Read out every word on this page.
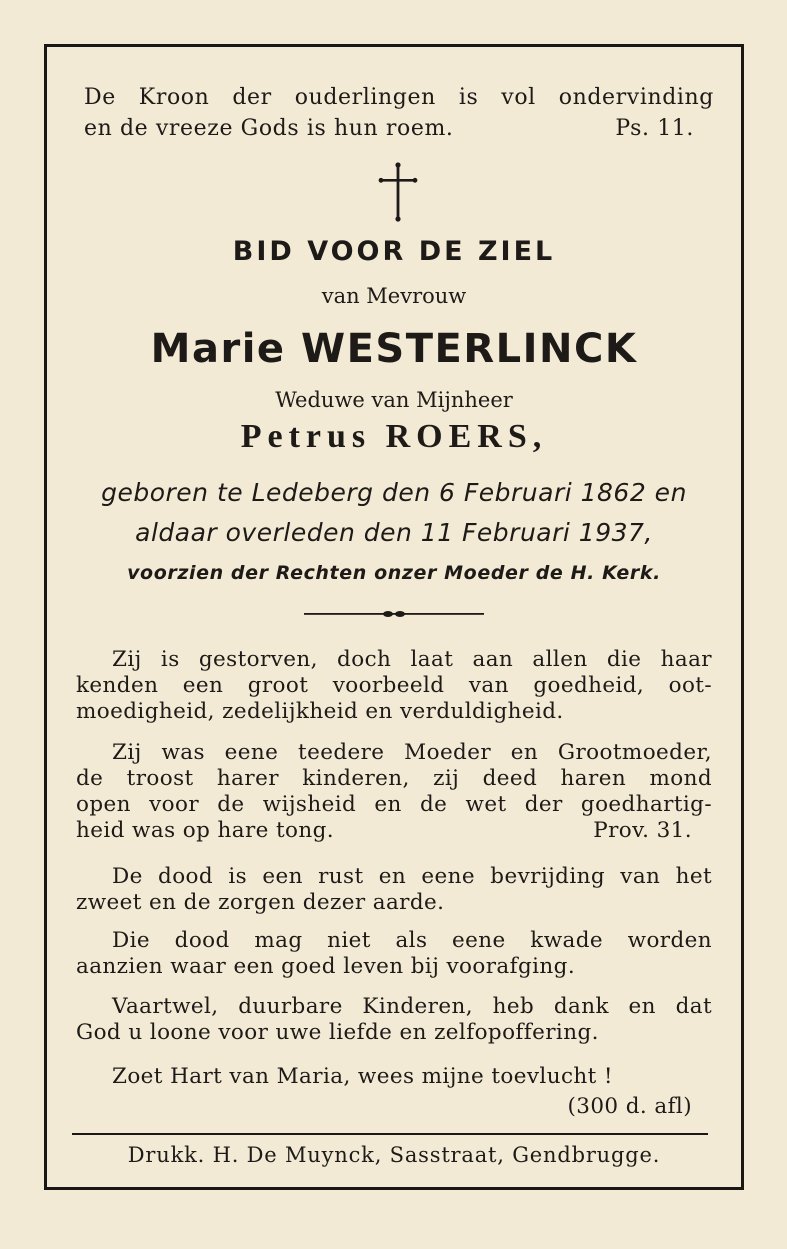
De Kroon der ouderlingen is vol ondervinding
en de vreeze Gods is hun roem.	Ps. 11.
BID VOOR DE ZIEL
van Mevrouw
Marie WESTERLINCK
Weduwe van Mijnheer
Petrus ROERS,
geboren te Ledeberg den 6 Februari 1862 en
aldaar overleden den 11 Februari 1937,
voorzien der Rechten onzer Moeder de H. Kerk.
Zij is gestorven, doch laat aan allen die haar
kenden een groot voorbeeld van goedheid, oot-
moedigheid, zedelijkheid en verduldigheid.
Zij was eene teedere Moeder en Grootmoeder,
de troost harer kinderen, zij deed haren mond
open voor de wijsheid en de wet der goedhartig-
heid was op hare tong.	Prov. 31.
De dood is een rust en eene bevrijding van het
zweet en de zorgen dezer aarde.
Die dood mag niet als eene kwade worden
aanzien waar een goed leven bij voorafging.
Vaartwel, duurbare Kinderen, heb dank en dat
God u loone voor uwe liefde en zelfopoffering.
Zoet Hart van Maria, wees mijne toevlucht !
(300 d. afl)
Drukk. H. De Muynck, Sasstraat, Gendbrugge.
